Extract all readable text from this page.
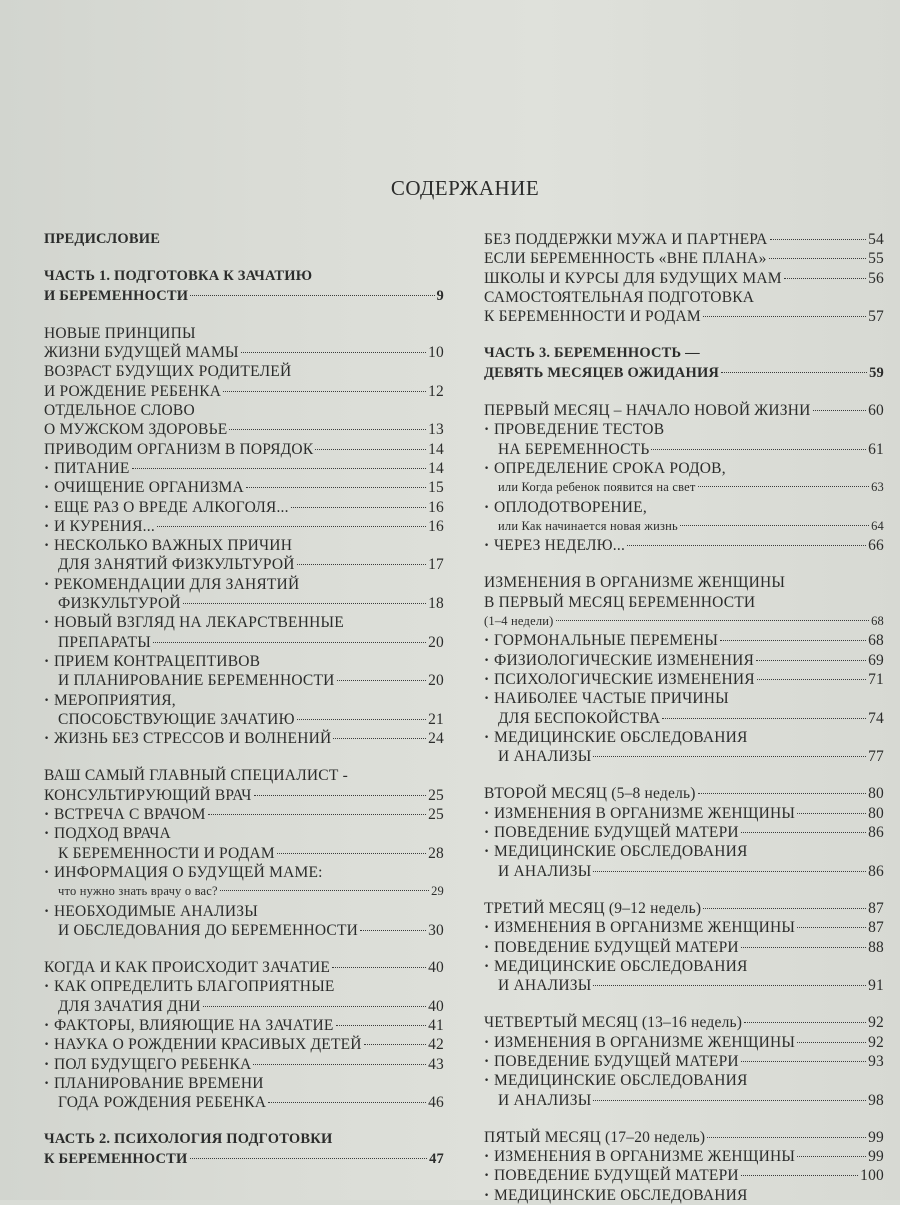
СОДЕРЖАНИЕ
ПРЕДИСЛОВИЕ
ЧАСТЬ 1. ПОДГОТОВКА К ЗАЧАТИЮ
И БЕРЕМЕННОСТИ	9
НОВЫЕ ПРИНЦИПЫ
ЖИЗНИ БУДУЩЕЙ МАМЫ	10
ВОЗРАСТ БУДУЩИХ РОДИТЕЛЕЙ
И РОЖДЕНИЕ РЕБЕНКА	12
ОТДЕЛЬНОЕ СЛОВО
О МУЖСКОМ ЗДОРОВЬЕ	13
ПРИВОДИМ ОРГАНИЗМ В ПОРЯДОК	14
· ПИТАНИЕ	14
· ОЧИЩЕНИЕ ОРГАНИЗМА	15
· ЕЩЕ РАЗ О ВРЕДЕ АЛКОГОЛЯ...	16
· И КУРЕНИЯ...	16
· НЕСКОЛЬКО ВАЖНЫХ ПРИЧИН
ДЛЯ ЗАНЯТИЙ ФИЗКУЛЬТУРОЙ	17
· РЕКОМЕНДАЦИИ ДЛЯ ЗАНЯТИЙ
ФИЗКУЛЬТУРОЙ	18
· НОВЫЙ ВЗГЛЯД НА ЛЕКАРСТВЕННЫЕ
ПРЕПАРАТЫ	20
· ПРИЕМ КОНТРАЦЕПТИВОВ
И ПЛАНИРОВАНИЕ БЕРЕМЕННОСТИ	20
· МЕРОПРИЯТИЯ,
СПОСОБСТВУЮЩИЕ ЗАЧАТИЮ	21
· ЖИЗНЬ БЕЗ СТРЕССОВ И ВОЛНЕНИЙ	24
ВАШ САМЫЙ ГЛАВНЫЙ СПЕЦИАЛИСТ -
КОНСУЛЬТИРУЮЩИЙ ВРАЧ	25
· ВСТРЕЧА С ВРАЧОМ	25
· ПОДХОД ВРАЧА
К БЕРЕМЕННОСТИ И РОДАМ	28
· ИНФОРМАЦИЯ О БУДУЩЕЙ МАМЕ:
что нужно знать врачу о вас?	29
· НЕОБХОДИМЫЕ АНАЛИЗЫ
И ОБСЛЕДОВАНИЯ ДО БЕРЕМЕННОСТИ	30
КОГДА И КАК ПРОИСХОДИТ ЗАЧАТИЕ	40
· КАК ОПРЕДЕЛИТЬ БЛАГОПРИЯТНЫЕ
ДЛЯ ЗАЧАТИЯ ДНИ	40
· ФАКТОРЫ, ВЛИЯЮЩИЕ НА ЗАЧАТИЕ	41
· НАУКА О РОЖДЕНИИ КРАСИВЫХ ДЕТЕЙ	42
· ПОЛ БУДУЩЕГО РЕБЕНКА	43
· ПЛАНИРОВАНИЕ ВРЕМЕНИ
ГОДА РОЖДЕНИЯ РЕБЕНКА	46
ЧАСТЬ 2. ПСИХОЛОГИЯ ПОДГОТОВКИ
К БЕРЕМЕННОСТИ	47
БЕЗ ПОДДЕРЖКИ МУЖА И ПАРТНЕРА	54
ЕСЛИ БЕРЕМЕННОСТЬ «ВНЕ ПЛАНА»	55
ШКОЛЫ И КУРСЫ ДЛЯ БУДУЩИХ МАМ	56
САМОСТОЯТЕЛЬНАЯ ПОДГОТОВКА
К БЕРЕМЕННОСТИ И РОДАМ	57
ЧАСТЬ 3. БЕРЕМЕННОСТЬ —
ДЕВЯТЬ МЕСЯЦЕВ ОЖИДАНИЯ	59
ПЕРВЫЙ МЕСЯЦ – НАЧАЛО НОВОЙ ЖИЗНИ	60
· ПРОВЕДЕНИЕ ТЕСТОВ
НА БЕРЕМЕННОСТЬ	61
· ОПРЕДЕЛЕНИЕ СРОКА РОДОВ,
или Когда ребенок появится на свет	63
· ОПЛОДОТВОРЕНИЕ,
или Как начинается новая жизнь	64
· ЧЕРЕЗ НЕДЕЛЮ...	66
ИЗМЕНЕНИЯ В ОРГАНИЗМЕ ЖЕНЩИНЫ
В ПЕРВЫЙ МЕСЯЦ БЕРЕМЕННОСТИ
(1–4 недели)	68
· ГОРМОНАЛЬНЫЕ ПЕРЕМЕНЫ	68
· ФИЗИОЛОГИЧЕСКИЕ ИЗМЕНЕНИЯ	69
· ПСИХОЛОГИЧЕСКИЕ ИЗМЕНЕНИЯ	71
· НАИБОЛЕЕ ЧАСТЫЕ ПРИЧИНЫ
ДЛЯ БЕСПОКОЙСТВА	74
· МЕДИЦИНСКИЕ ОБСЛЕДОВАНИЯ
И АНАЛИЗЫ	77
ВТОРОЙ МЕСЯЦ (5–8 недель)	80
· ИЗМЕНЕНИЯ В ОРГАНИЗМЕ ЖЕНЩИНЫ	80
· ПОВЕДЕНИЕ БУДУЩЕЙ МАТЕРИ	86
· МЕДИЦИНСКИЕ ОБСЛЕДОВАНИЯ
И АНАЛИЗЫ	86
ТРЕТИЙ МЕСЯЦ (9–12 недель)	87
· ИЗМЕНЕНИЯ В ОРГАНИЗМЕ ЖЕНЩИНЫ	87
· ПОВЕДЕНИЕ БУДУЩЕЙ МАТЕРИ	88
· МЕДИЦИНСКИЕ ОБСЛЕДОВАНИЯ
И АНАЛИЗЫ	91
ЧЕТВЕРТЫЙ МЕСЯЦ (13–16 недель)	92
· ИЗМЕНЕНИЯ В ОРГАНИЗМЕ ЖЕНЩИНЫ	92
· ПОВЕДЕНИЕ БУДУЩЕЙ МАТЕРИ	93
· МЕДИЦИНСКИЕ ОБСЛЕДОВАНИЯ
И АНАЛИЗЫ	98
ПЯТЫЙ МЕСЯЦ (17–20 недель)	99
· ИЗМЕНЕНИЯ В ОРГАНИЗМЕ ЖЕНЩИНЫ	99
· ПОВЕДЕНИЕ БУДУЩЕЙ МАТЕРИ	100
· МЕДИЦИНСКИЕ ОБСЛЕДОВАНИЯ
